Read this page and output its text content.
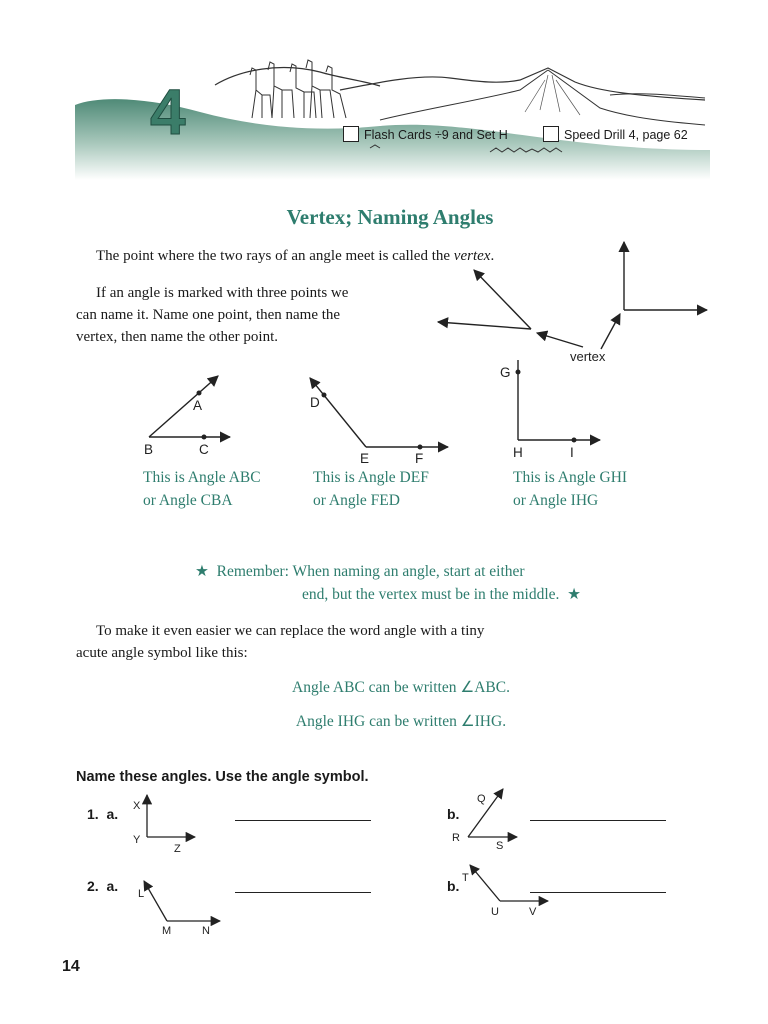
4	Flash Cards ÷9 and Set H	Speed Drill 4, page 62
Vertex; Naming Angles
The point where the two rays of an angle meet is called the vertex.
If an angle is marked with three points we
can name it. Name one point, then name the
vertex, then name the other point.
vertex
A
B	C
D
E	F
G
H	I
This is Angle ABC
or Angle CBA
This is Angle DEF
or Angle FED
This is Angle GHI
or Angle IHG
★ Remember: When naming an angle, start at either
end, but the vertex must be in the middle. ★
To make it even easier we can replace the word angle with a tiny
acute angle symbol like this:
Angle ABC can be written ∠ABC.
Angle IHG can be written ∠IHG.
Name these angles. Use the angle symbol.
1. a.	b.
2. a.	b.
X
Y
Z
Q
R
S
L
M	N
T
U	V
14
